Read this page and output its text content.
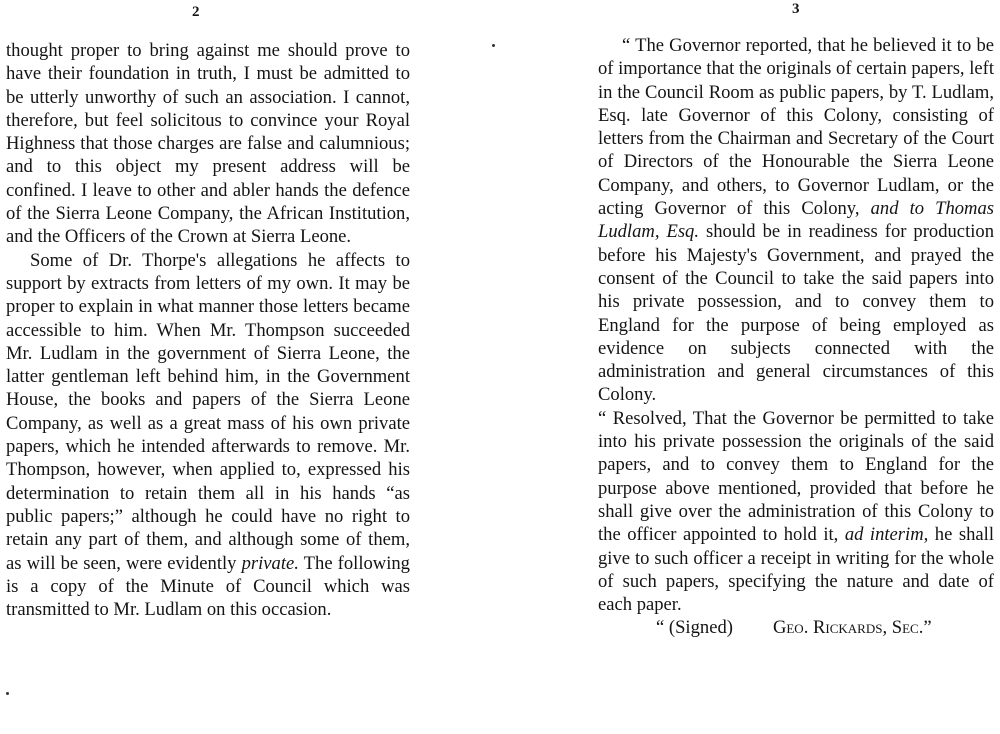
2

thought proper to bring against me should prove to have their foundation in truth, I must be admitted to be utterly unworthy of such an association. I cannot, therefore, but feel solicitous to convince your Royal Highness that those charges are false and calumnious; and to this object my present address will be confined. I leave to other and abler hands the defence of the Sierra Leone Company, the African Institution, and the Officers of the Crown at Sierra Leone.

Some of Dr. Thorpe's allegations he affects to support by extracts from letters of my own. It may be proper to explain in what manner those letters became accessible to him. When Mr. Thompson succeeded Mr. Ludlam in the government of Sierra Leone, the latter gentleman left behind him, in the Government House, the books and papers of the Sierra Leone Company, as well as a great mass of his own private papers, which he intended afterwards to remove. Mr. Thompson, however, when applied to, expressed his determination to retain them all in his hands “as public papers;” although he could have no right to retain any part of them, and although some of them, as will be seen, were evidently private. The following is a copy of the Minute of Council which was transmitted to Mr. Ludlam on this occasion.

3

“ The Governor reported, that he believed it to be of importance that the originals of certain papers, left in the Council Room as public papers, by T. Ludlam, Esq. late Governor of this Colony, consisting of letters from the Chairman and Secretary of the Court of Directors of the Honourable the Sierra Leone Company, and others, to Governor Ludlam, or the acting Governor of this Colony, and to Thomas Ludlam, Esq. should be in readiness for production before his Majesty's Government, and prayed the consent of the Council to take the said papers into his private possession, and to convey them to England for the purpose of being employed as evidence on subjects connected with the administration and general circumstances of this Colony.

“ Resolved, That the Governor be permitted to take into his private possession the originals of the said papers, and to convey them to England for the purpose above mentioned, provided that before he shall give over the administration of this Colony to the officer appointed to hold it, ad interim, he shall give to such officer a receipt in writing for the whole of such papers, specifying the nature and date of each paper.

“ (Signed) Geo. Rickards, Sec.”
